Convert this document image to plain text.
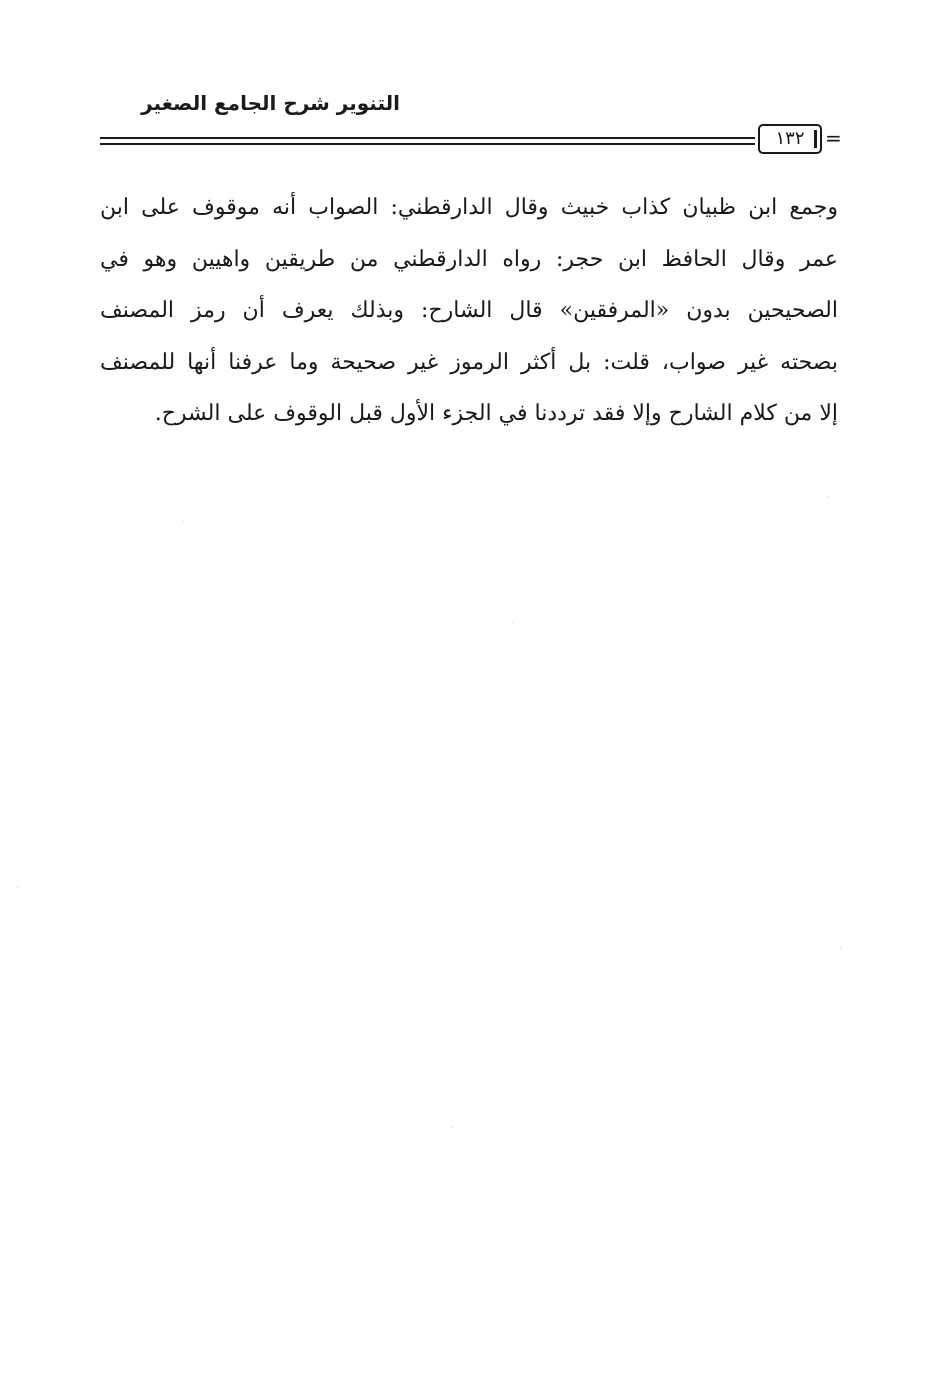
التنوير شرح الجامع الصغير
١٣٢ =

وجمع ابن ظبيان كذاب خبيث وقال الدارقطني: الصواب أنه موقوف على ابن
عمر وقال الحافظ ابن حجر: رواه الدارقطني من طريقين واهيين وهو في
الصحيحين بدون «المرفقين» قال الشارح: وبذلك يعرف أن رمز المصنف
بصحته غير صواب، قلت: بل أكثر الرموز غير صحيحة وما عرفنا أنها للمصنف
إلا من كلام الشارح وإلا فقد ترددنا في الجزء الأول قبل الوقوف على الشرح.
